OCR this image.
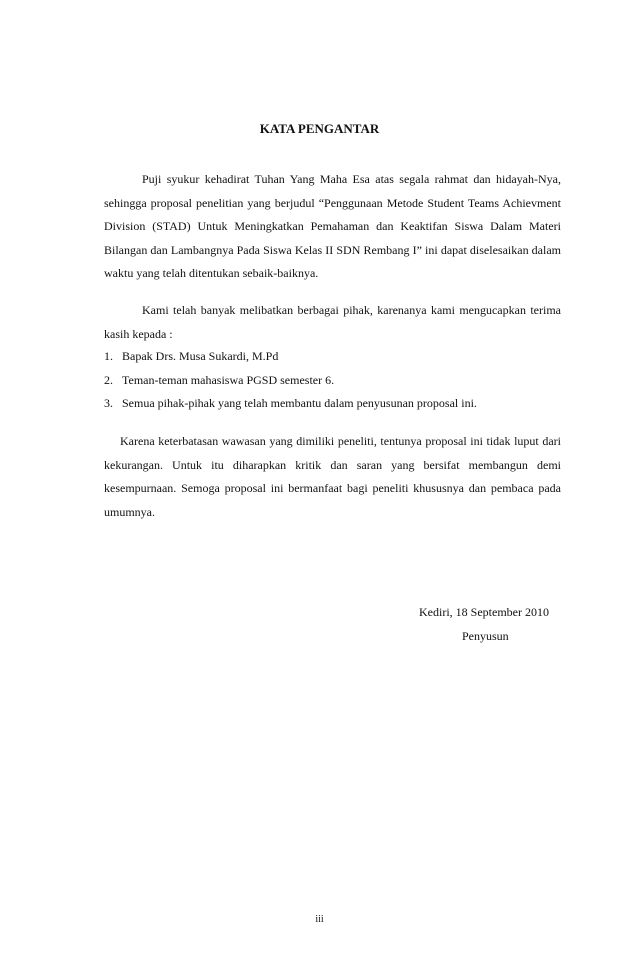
KATA PENGANTAR

Puji syukur kehadirat Tuhan Yang Maha Esa atas segala rahmat dan hidayah-Nya, sehingga proposal penelitian yang berjudul “Penggunaan Metode Student Teams Achievment Division (STAD) Untuk Meningkatkan Pemahaman dan Keaktifan Siswa Dalam Materi Bilangan dan Lambangnya Pada Siswa Kelas II SDN Rembang I” ini dapat diselesaikan dalam waktu yang telah ditentukan sebaik-baiknya.

Kami telah banyak melibatkan berbagai pihak, karenanya kami mengucapkan terima kasih kepada :

1. Bapak Drs. Musa Sukardi, M.Pd
2. Teman-teman mahasiswa PGSD semester 6.
3. Semua pihak-pihak yang telah membantu dalam penyusunan proposal ini.

Karena keterbatasan wawasan yang dimiliki peneliti, tentunya proposal ini tidak luput dari kekurangan. Untuk itu diharapkan kritik dan saran yang bersifat membangun demi kesempurnaan. Semoga proposal ini bermanfaat bagi peneliti khususnya dan pembaca pada umumnya.

Kediri, 18 September 2010
Penyusun
iii
